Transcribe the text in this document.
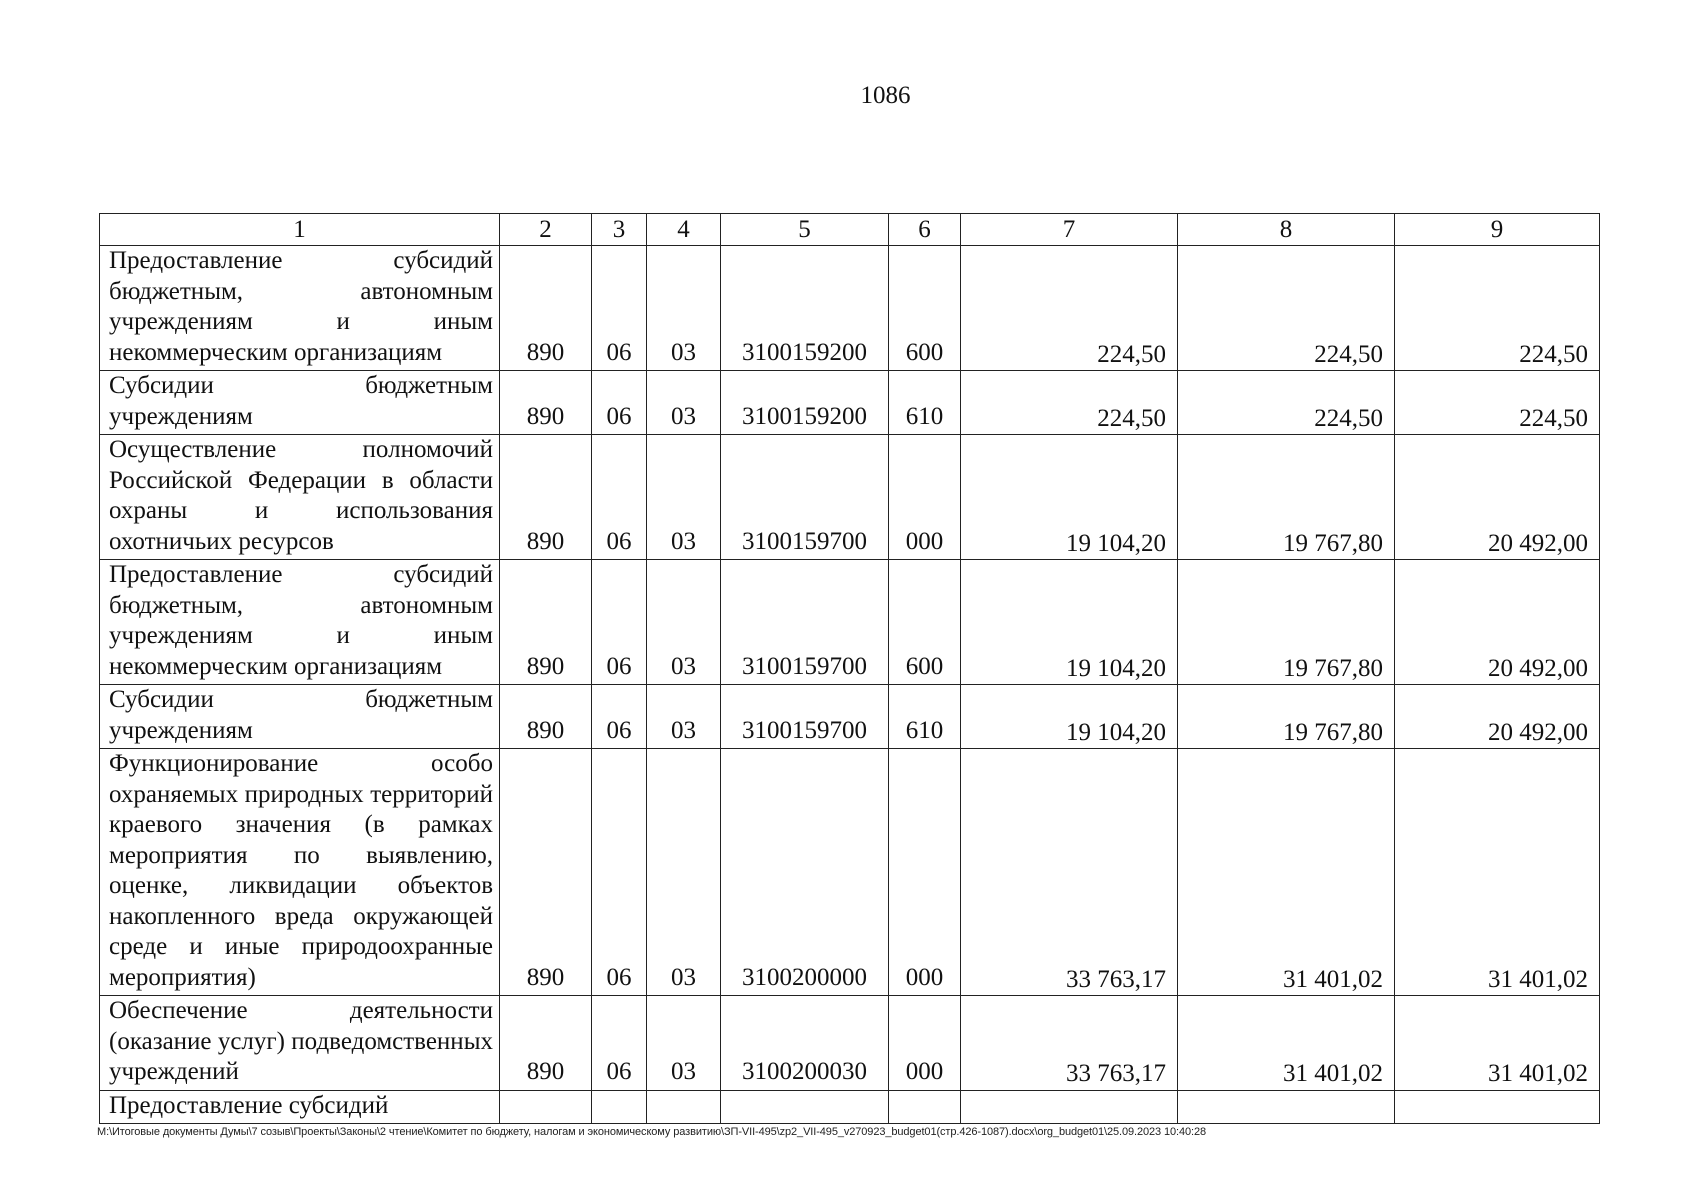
1086
1	2	3	4	5	6	7	8	9
Предоставление субсидий бюджетным, автономным учреждениям и иным некоммерческим организациям	890	06	03	3100159200	600	224,50	224,50	224,50
Субсидии бюджетным учреждениям	890	06	03	3100159200	610	224,50	224,50	224,50
Осуществление полномочий Российской Федерации в области охраны и использования охотничьих ресурсов	890	06	03	3100159700	000	19 104,20	19 767,80	20 492,00
Предоставление субсидий бюджетным, автономным учреждениям и иным некоммерческим организациям	890	06	03	3100159700	600	19 104,20	19 767,80	20 492,00
Субсидии бюджетным учреждениям	890	06	03	3100159700	610	19 104,20	19 767,80	20 492,00
Функционирование особо охраняемых природных территорий краевого значения (в рамках мероприятия по выявлению, оценке, ликвидации объектов накопленного вреда окружающей среде и иные природоохранные мероприятия)	890	06	03	3100200000	000	33 763,17	31 401,02	31 401,02
Обеспечение деятельности (оказание услуг) подведомственных учреждений	890	06	03	3100200030	000	33 763,17	31 401,02	31 401,02
Предоставление субсидий								
M:\Итоговые документы Думы\7 созыв\Проекты\Законы\2 чтение\Комитет по бюджету, налогам и экономическому развитию\ЗП-VII-495\zp2_VII-495_v270923_budget01(стр.426-1087).docx\org_budget01\25.09.2023 10:40:28
